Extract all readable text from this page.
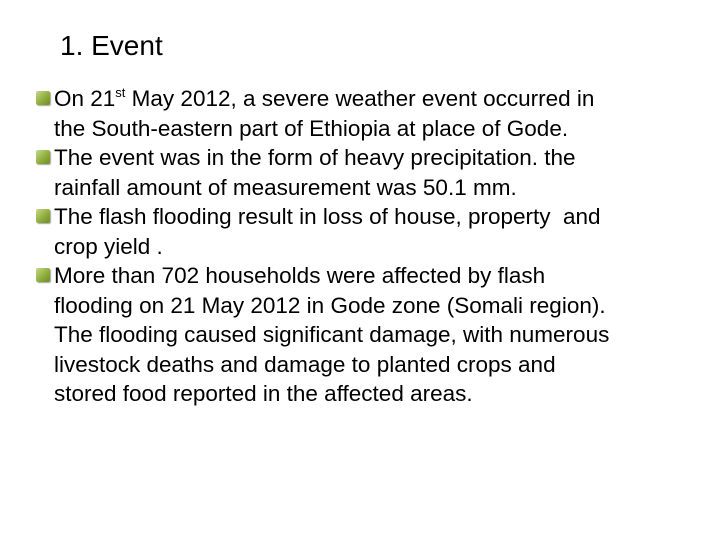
1. Event
On 21st May 2012, a severe weather event occurred in
the South-eastern part of Ethiopia at place of Gode.
The event was in the form of heavy precipitation. the
rainfall amount of measurement was 50.1 mm.
The flash flooding result in loss of house, property  and
crop yield .
More than 702 households were affected by flash
flooding on 21 May 2012 in Gode zone (Somali region).
The flooding caused significant damage, with numerous
livestock deaths and damage to planted crops and
stored food reported in the affected areas.
